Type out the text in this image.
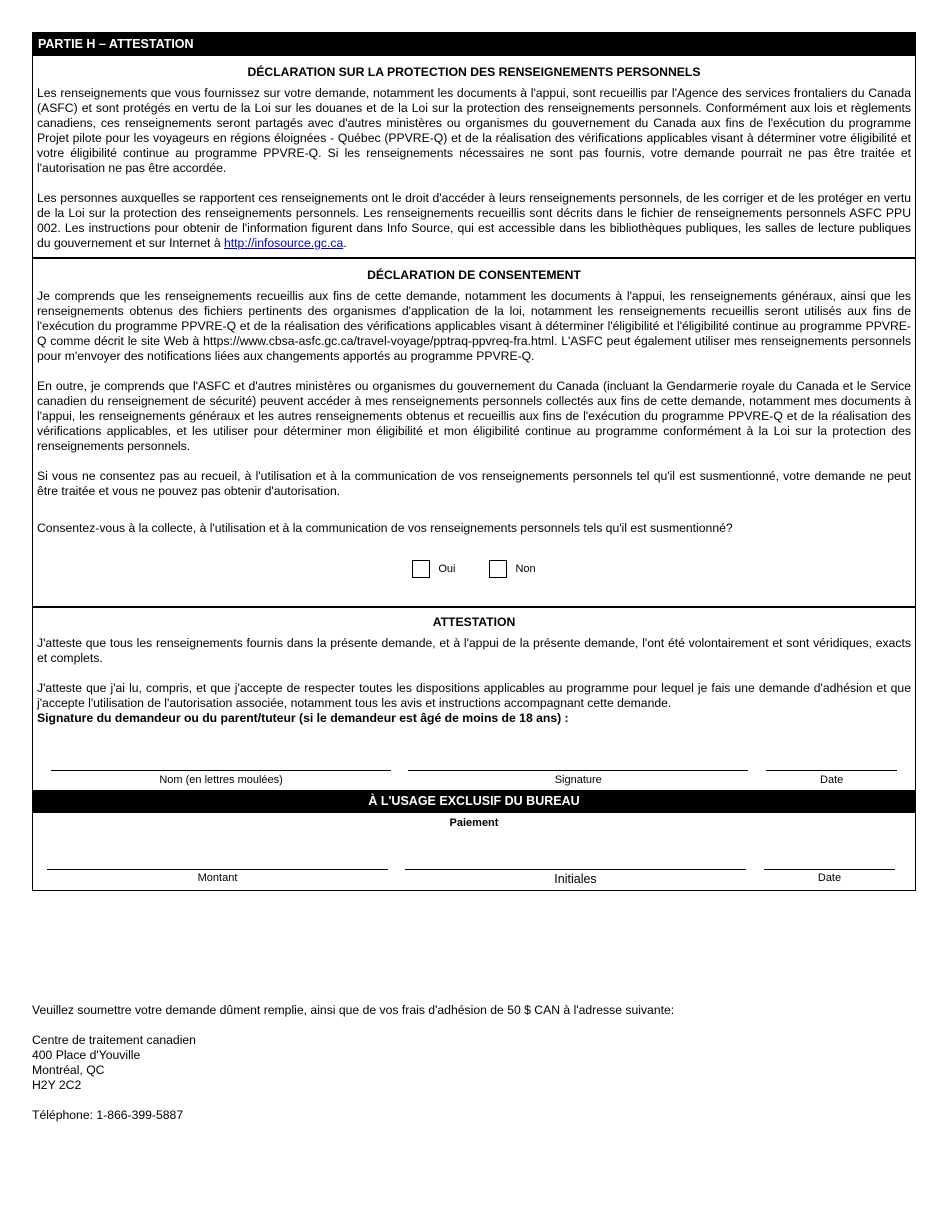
PARTIE H – ATTESTATION
DÉCLARATION SUR LA PROTECTION DES RENSEIGNEMENTS PERSONNELS

Les renseignements que vous fournissez sur votre demande, notamment les documents à l'appui, sont recueillis par l'Agence des services frontaliers du Canada (ASFC) et sont protégés en vertu de la Loi sur les douanes et de la Loi sur la protection des renseignements personnels. Conformément aux lois et règlements canadiens, ces renseignements seront partagés avec d'autres ministères ou organismes du gouvernement du Canada aux fins de l'exécution du programme Projet pilote pour les voyageurs en régions éloignées - Québec (PPVRE-Q) et de la réalisation des vérifications applicables visant à déterminer votre éligibilité et votre éligibilité continue au programme PPVRE-Q. Si les renseignements nécessaires ne sont pas fournis, votre demande pourrait ne pas être traitée et l'autorisation ne pas être accordée.

Les personnes auxquelles se rapportent ces renseignements ont le droit d'accéder à leurs renseignements personnels, de les corriger et de les protéger en vertu de la Loi sur la protection des renseignements personnels. Les renseignements recueillis sont décrits dans le fichier de renseignements personnels ASFC PPU 002. Les instructions pour obtenir de l'information figurent dans Info Source, qui est accessible dans les bibliothèques publiques, les salles de lecture publiques du gouvernement et sur Internet à http://infosource.gc.ca.

DÉCLARATION DE CONSENTEMENT

Je comprends que les renseignements recueillis aux fins de cette demande, notamment les documents à l'appui, les renseignements généraux, ainsi que les renseignements obtenus des fichiers pertinents des organismes d'application de la loi, notamment les renseignements recueillis seront utilisés aux fins de l'exécution du programme PPVRE-Q et de la réalisation des vérifications applicables visant à déterminer l'éligibilité et l'éligibilité continue au programme PPVRE-Q comme décrit le site Web à https://www.cbsa-asfc.gc.ca/travel-voyage/pptraq-ppvreq-fra.html. L'ASFC peut également utiliser mes renseignements personnels pour m'envoyer des notifications liées aux changements apportés au programme PPVRE-Q.

En outre, je comprends que l'ASFC et d'autres ministères ou organismes du gouvernement du Canada (incluant la Gendarmerie royale du Canada et le Service canadien du renseignement de sécurité) peuvent accéder à mes renseignements personnels collectés aux fins de cette demande, notamment mes documents à l'appui, les renseignements généraux et les autres renseignements obtenus et recueillis aux fins de l'exécution du programme PPVRE-Q et de la réalisation des vérifications applicables, et les utiliser pour déterminer mon éligibilité et mon éligibilité continue au programme conformément à la Loi sur la protection des renseignements personnels.

Si vous ne consentez pas au recueil, à l'utilisation et à la communication de vos renseignements personnels tel qu'il est susmentionné, votre demande ne peut être traitée et vous ne pouvez pas obtenir d'autorisation.

Consentez-vous à la collecte, à l'utilisation et à la communication de vos renseignements personnels tels qu'il est susmentionné?

Oui	Non
ATTESTATION

J'atteste que tous les renseignements fournis dans la présente demande, et à l'appui de la présente demande, l'ont été volontairement et sont véridiques, exacts et complets.

J'atteste que j'ai lu, compris, et que j'accepte de respecter toutes les dispositions applicables au programme pour lequel je fais une demande d'adhésion et que j'accepte l'utilisation de l'autorisation associée, notamment tous les avis et instructions accompagnant cette demande.

Signature du demandeur ou du parent/tuteur (si le demandeur est âgé de moins de 18 ans) :

Nom (en lettres moulées)	Signature	Date
À L'USAGE EXCLUSIF DU BUREAU
Paiement
Montant	Initiales	Date

Veuillez soumettre votre demande dûment remplie, ainsi que de vos frais d'adhésion de 50 $ CAN à l'adresse suivante:

Centre de traitement canadien
400 Place d'Youville
Montréal, QC
H2Y 2C2

Téléphone: 1-866-399-5887
